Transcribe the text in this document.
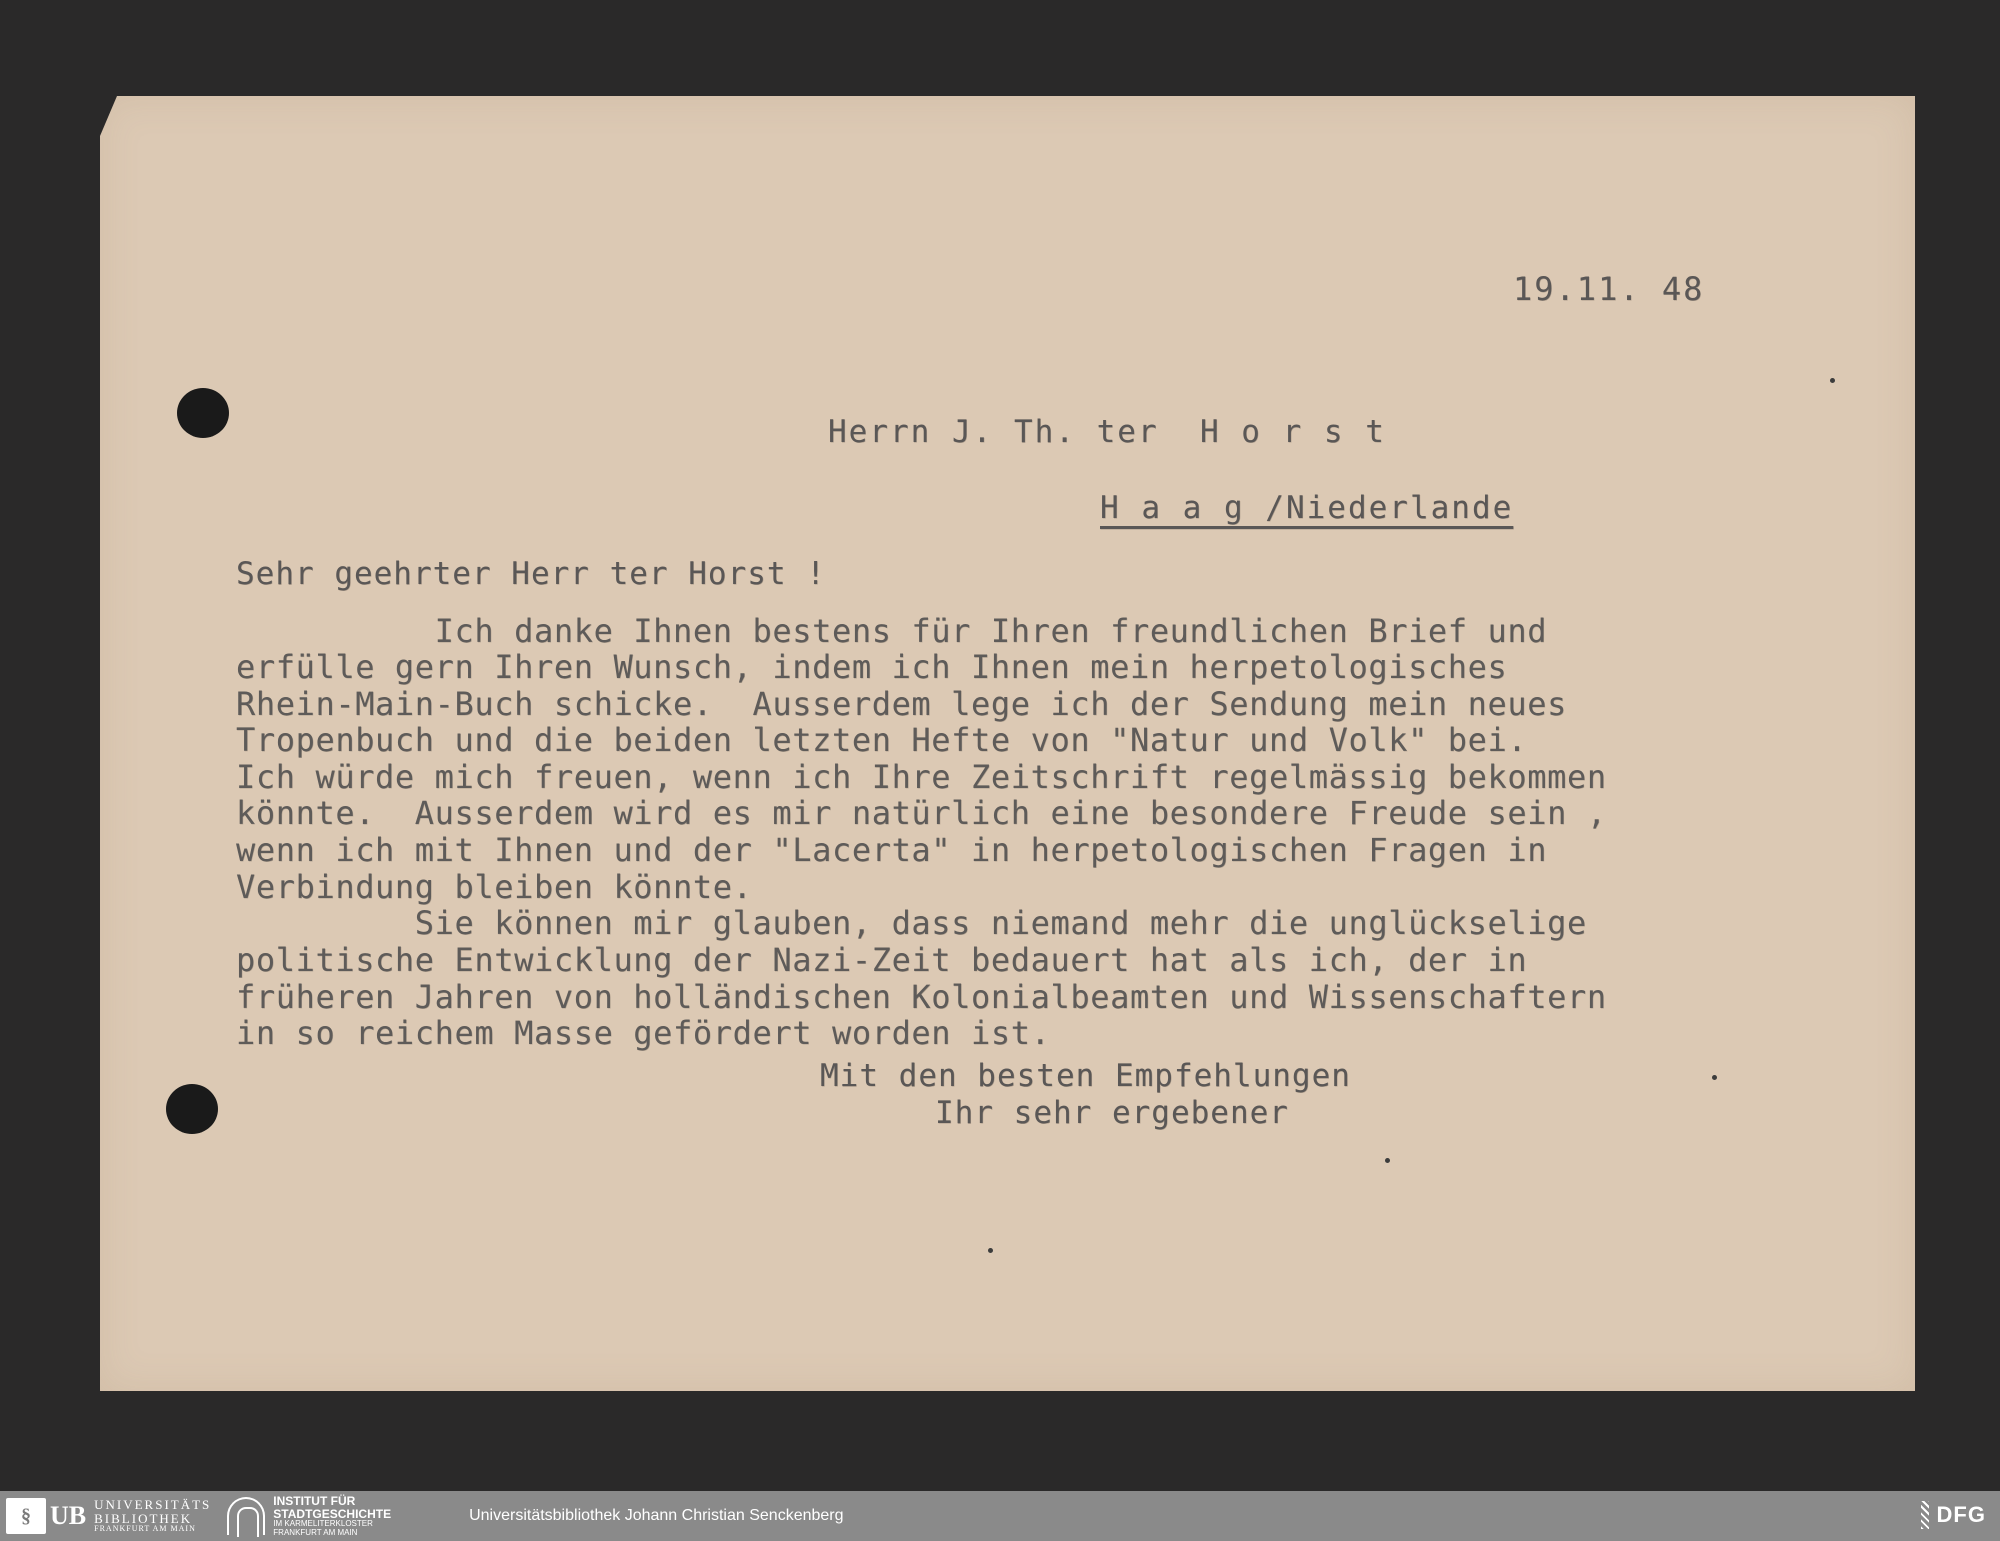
19.11. 48
Herrn J. Th. ter  H o r s t
H a a g /Niederlande
Sehr geehrter Herr ter Horst !
Ich danke Ihnen bestens für Ihren freundlichen Brief und
erfülle gern Ihren Wunsch, indem ich Ihnen mein herpetologisches
Rhein-Main-Buch schicke.  Ausserdem lege ich der Sendung mein neues
Tropenbuch und die beiden letzten Hefte von "Natur und Volk" bei.
Ich würde mich freuen, wenn ich Ihre Zeitschrift regelmässig bekommen
könnte.  Ausserdem wird es mir natürlich eine besondere Freude sein ,
wenn ich mit Ihnen und der "Lacerta" in herpetologischen Fragen in
Verbindung bleiben könnte.
Sie können mir glauben, dass niemand mehr die unglückselige
politische Entwicklung der Nazi-Zeit bedauert hat als ich, der in
früheren Jahren von holländischen Kolonialbeamten und Wissenschaftern
in so reichem Masse gefördert worden ist.
Mit den besten Empfehlungen
Ihr sehr ergebener
§ UB UNIVERSITÄTS
BIBLIOTHEK
FRANKFURT AM MAIN
INSTITUT FÜR
STADTGESCHICHTE
IM KARMELITERKLOSTER
FRANKFURT AM MAIN
Universitätsbibliothek Johann Christian Senckenberg	DFG
